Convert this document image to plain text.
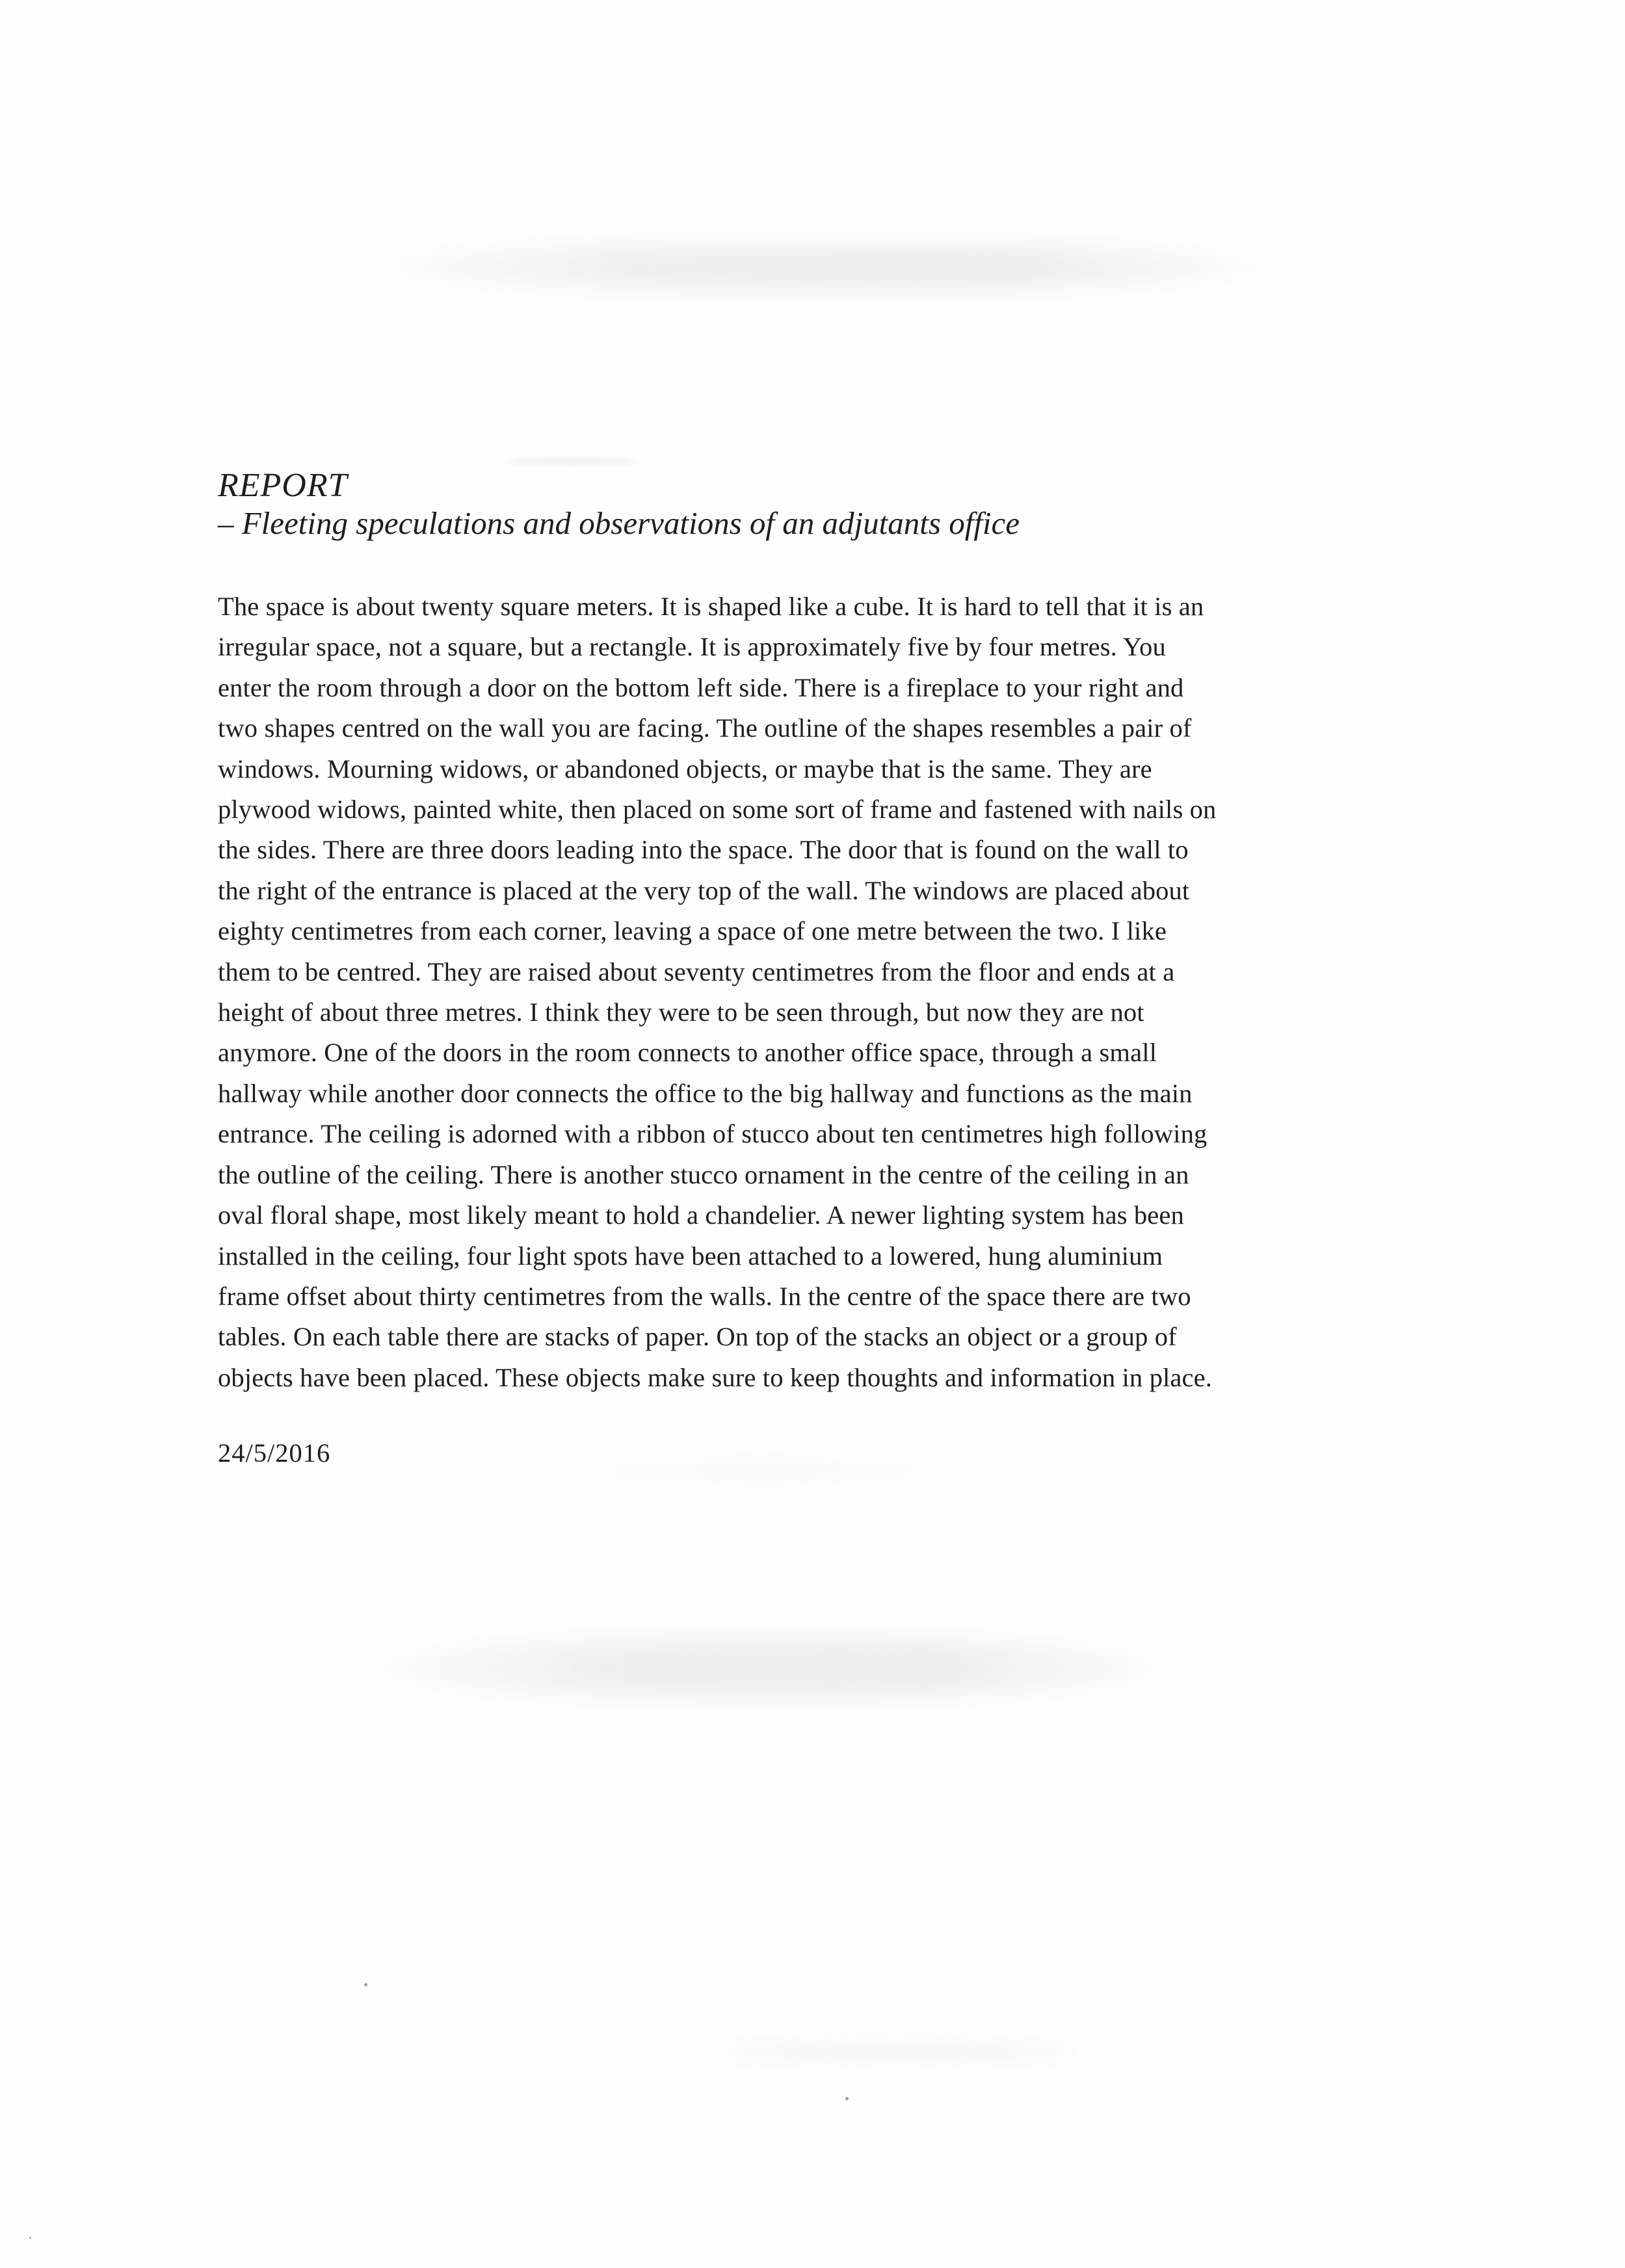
REPORT
– Fleeting speculations and observations of an adjutants office
The space is about twenty square meters. It is shaped like a cube. It is hard to tell that it is an
irregular space, not a square, but a rectangle. It is approximately five by four metres. You
enter the room through a door on the bottom left side. There is a fireplace to your right and
two shapes centred on the wall you are facing. The outline of the shapes resembles a pair of
windows. Mourning widows, or abandoned objects, or maybe that is the same. They are
plywood widows, painted white, then placed on some sort of frame and fastened with nails on
the sides. There are three doors leading into the space. The door that is found on the wall to
the right of the entrance is placed at the very top of the wall. The windows are placed about
eighty centimetres from each corner, leaving a space of one metre between the two. I like
them to be centred. They are raised about seventy centimetres from the floor and ends at a
height of about three metres. I think they were to be seen through, but now they are not
anymore. One of the doors in the room connects to another office space, through a small
hallway while another door connects the office to the big hallway and functions as the main
entrance. The ceiling is adorned with a ribbon of stucco about ten centimetres high following
the outline of the ceiling. There is another stucco ornament in the centre of the ceiling in an
oval floral shape, most likely meant to hold a chandelier. A newer lighting system has been
installed in the ceiling, four light spots have been attached to a lowered, hung aluminium
frame offset about thirty centimetres from the walls. In the centre of the space there are two
tables. On each table there are stacks of paper. On top of the stacks an object or a group of
objects have been placed. These objects make sure to keep thoughts and information in place.
24/5/2016
